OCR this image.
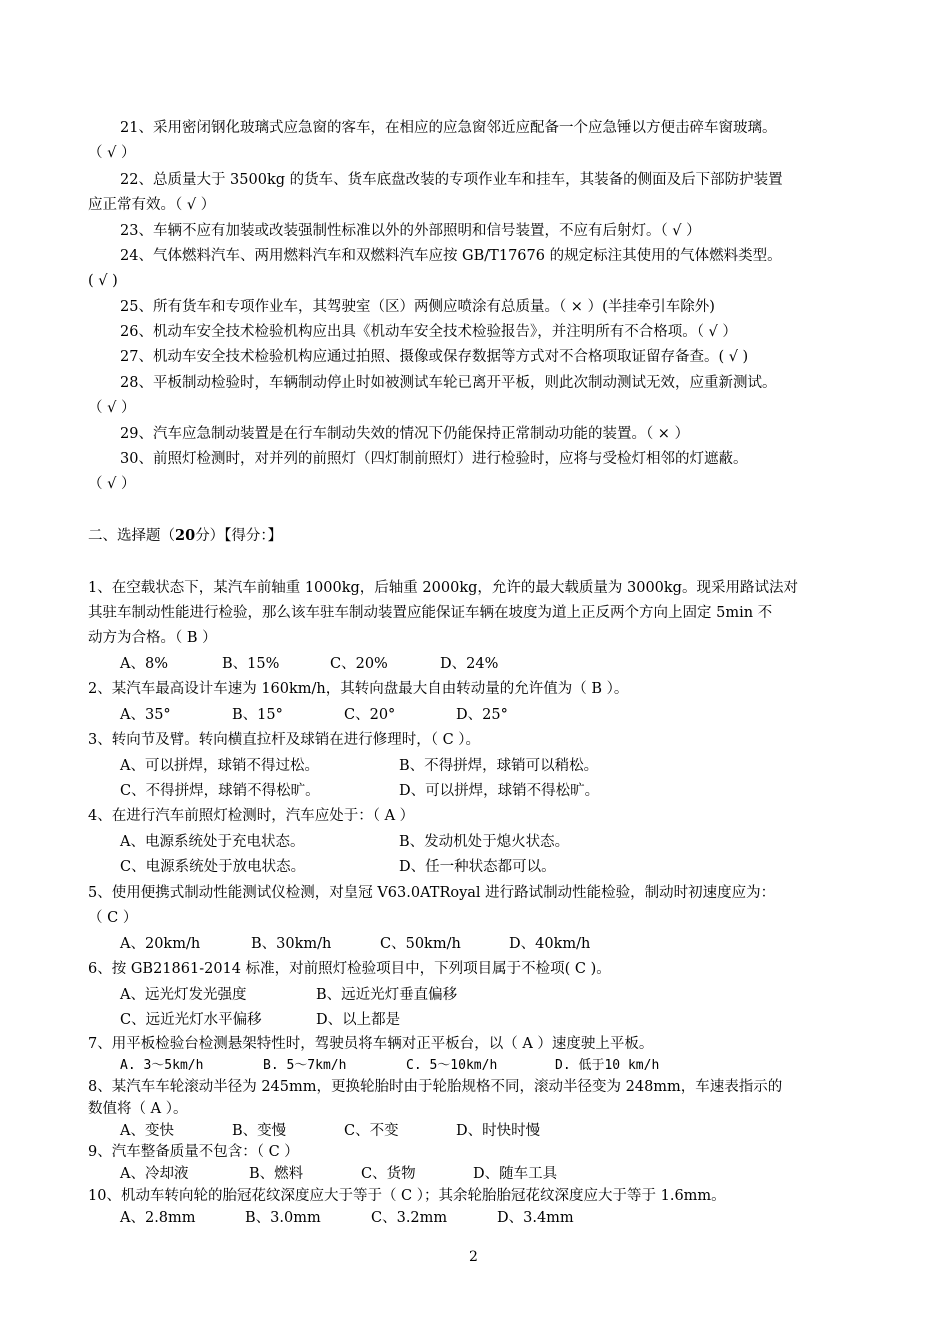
21、采用密闭钢化玻璃式应急窗的客车，在相应的应急窗邻近应配备一个应急锤以方便击碎车窗玻璃。
（ √ ）
22、总质量大于 3500kg 的货车、货车底盘改装的专项作业车和挂车，其装备的侧面及后下部防护装置
应正常有效。（ √ ）
23、车辆不应有加装或改装强制性标准以外的外部照明和信号装置，不应有后射灯。（ √ ）
24、气体燃料汽车、两用燃料汽车和双燃料汽车应按 GB/T17676 的规定标注其使用的气体燃料类型。
( √ )
25、所有货车和专项作业车，其驾驶室（区）两侧应喷涂有总质量。（ × ）(半挂牵引车除外)
26、机动车安全技术检验机构应出具《机动车安全技术检验报告》，并注明所有不合格项。（ √ ）
27、机动车安全技术检验机构应通过拍照、摄像或保存数据等方式对不合格项取证留存备查。( √ )
28、平板制动检验时，车辆制动停止时如被测试车轮已离开平板，则此次制动测试无效，应重新测试。
（ √ ）
29、汽车应急制动装置是在行车制动失效的情况下仍能保持正常制动功能的装置。（ × ）
30、前照灯检测时，对并列的前照灯（四灯制前照灯）进行检验时，应将与受检灯相邻的灯遮蔽。
（ √ ）
二、选择题（20分）【得分：】
1、在空载状态下，某汽车前轴重 1000kg，后轴重 2000kg，允许的最大载质量为 3000kg。现采用路试法对
其驻车制动性能进行检验，那么该车驻车制动装置应能保证车辆在坡度为道上正反两个方向上固定 5min 不
动方为合格。（ B ）
A、8%	B、15%	C、20%	D、24%
2、某汽车最高设计车速为 160km/h，其转向盘最大自由转动量的允许值为（ B ）。
A、35°	B、15°	C、20°	D、25°
3、转向节及臂。转向横直拉杆及球销在进行修理时，（ C ）。
A、可以拼焊，球销不得过松。	B、不得拼焊，球销可以稍松。
C、不得拼焊，球销不得松旷。	D、可以拼焊，球销不得松旷。
4、在进行汽车前照灯检测时，汽车应处于：（ A ）
A、电源系统处于充电状态。	B、发动机处于熄火状态。
C、电源系统处于放电状态。	D、任一种状态都可以。
5、使用便携式制动性能测试仪检测，对皇冠 V63.0ATRoyal 进行路试制动性能检验，制动时初速度应为：
（ C ）
A、20km/h	B、30km/h	C、50km/h	D、40km/h
6、按 GB21861-2014 标准，对前照灯检验项目中，下列项目属于不检项( C )。
A、远光灯发光强度	B、远近光灯垂直偏移
C、远近光灯水平偏移	D、以上都是
7、用平板检验台检测悬架特性时，驾驶员将车辆对正平板台，以（ A ）速度驶上平板。
A. 3～5km/h	B. 5～7km/h	C. 5～10km/h	D. 低于10 km/h
8、某汽车车轮滚动半径为 245mm，更换轮胎时由于轮胎规格不同，滚动半径变为 248mm，车速表指示的
数值将（ A ）。
A、变快	B、变慢	C、不变	D、时快时慢
9、汽车整备质量不包含：（ C ）
A、冷却液	B、燃料	C、货物	D、随车工具
10、机动车转向轮的胎冠花纹深度应大于等于（ C ）；其余轮胎胎冠花纹深度应大于等于 1.6mm。
A、2.8mm	B、3.0mm	C、3.2mm	D、3.4mm
2
